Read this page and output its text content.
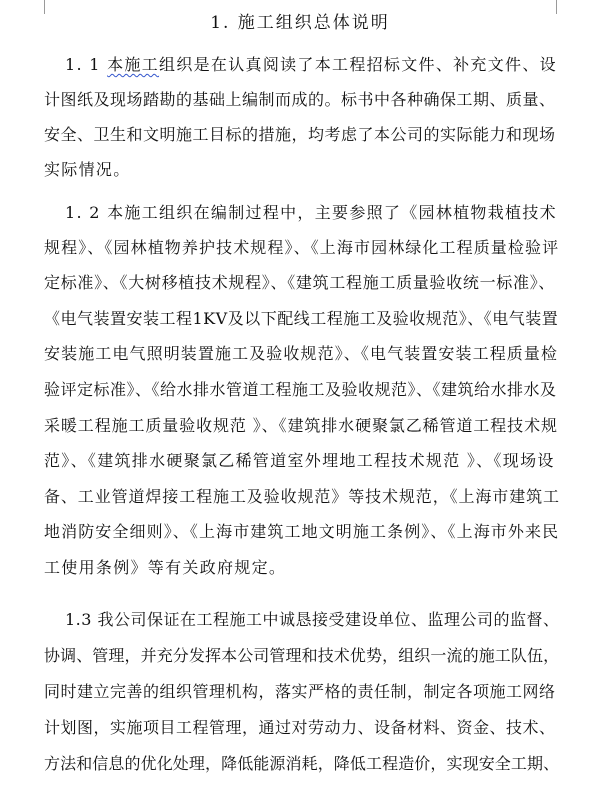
1. 施工组织总体说明
1. 1 本施工组织是在认真阅读了本工程招标文件、补充文件、设
计图纸及现场踏勘的基础上编制而成的。标书中各种确保工期、质量、
安全、卫生和文明施工目标的措施，均考虑了本公司的实际能力和现场
实际情况。
1. 2 本施工组织在编制过程中，主要参照了《园林植物栽植技术
规程》、《园林植物养护技术规程》、《上海市园林绿化工程质量检验评
定标准》、《大树移植技术规程》、《建筑工程施工质量验收统一标准》、
《电气装置安装工程1KV及以下配线工程施工及验收规范》、《电气装置
安装施工电气照明装置施工及验收规范》、《电气装置安装工程质量检
验评定标准》、《给水排水管道工程施工及验收规范》、《建筑给水排水及
采暖工程施工质量验收规范 》、《建筑排水硬聚氯乙稀管道工程技术规
范》、《建筑排水硬聚氯乙稀管道室外埋地工程技术规范 》、《现场设
备、工业管道焊接工程施工及验收规范》等技术规范，《上海市建筑工
地消防安全细则》、《上海市建筑工地文明施工条例》、《上海市外来民
工使用条例》等有关政府规定。
1.3 我公司保证在工程施工中诚恳接受建设单位、监理公司的监督、
协调、管理，并充分发挥本公司管理和技术优势，组织一流的施工队伍，
同时建立完善的组织管理机构，落实严格的责任制，制定各项施工网络
计划图，实施项目工程管理，通过对劳动力、设备材料、资金、技术、
方法和信息的优化处理，降低能源消耗，降低工程造价，实现安全工期、
